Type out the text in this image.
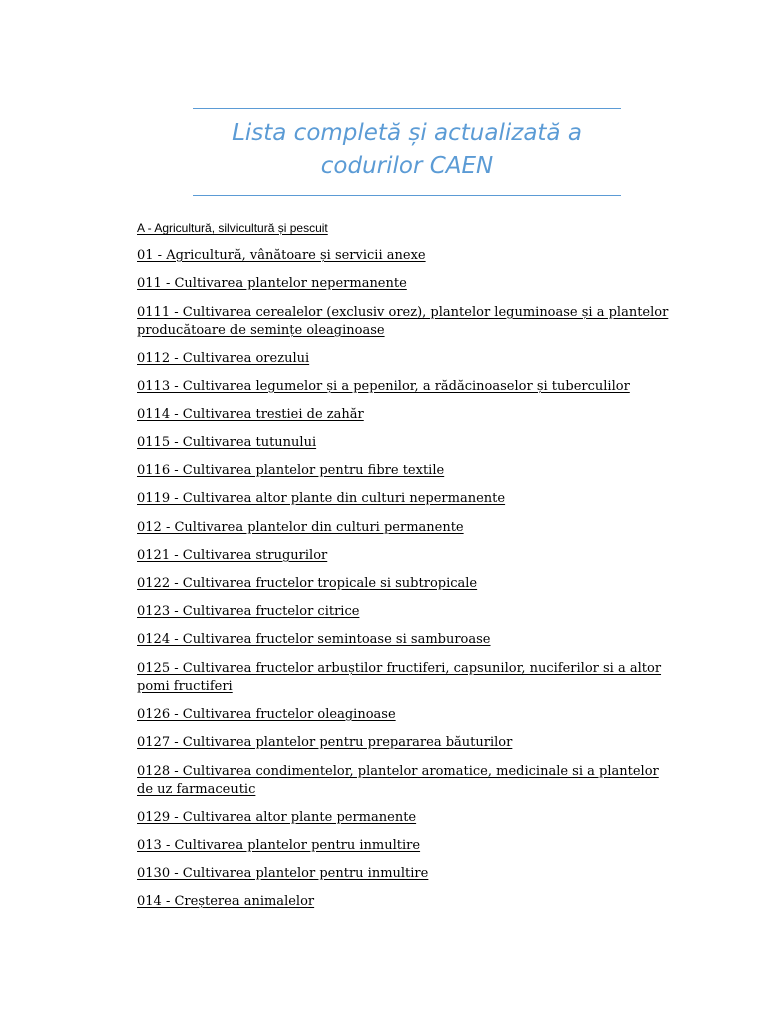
Lista completă și actualizată a
codurilor CAEN
A - Agricultură, silvicultură și pescuit
01 - Agricultură, vânătoare și servicii anexe
011 - Cultivarea plantelor nepermanente
0111 - Cultivarea cerealelor (exclusiv orez), plantelor leguminoase și a plantelor producătoare de semințe oleaginoase
0112 - Cultivarea orezului
0113 - Cultivarea legumelor și a pepenilor, a rădăcinoaselor și tuberculilor
0114 - Cultivarea trestiei de zahăr
0115 - Cultivarea tutunului
0116 - Cultivarea plantelor pentru fibre textile
0119 - Cultivarea altor plante din culturi nepermanente
012 - Cultivarea plantelor din culturi permanente
0121 - Cultivarea strugurilor
0122 - Cultivarea fructelor tropicale si subtropicale
0123 - Cultivarea fructelor citrice
0124 - Cultivarea fructelor semintoase si samburoase
0125 - Cultivarea fructelor arbuștilor fructiferi, capsunilor, nuciferilor si a altor pomi fructiferi
0126 - Cultivarea fructelor oleaginoase
0127 - Cultivarea plantelor pentru prepararea băuturilor
0128 - Cultivarea condimentelor, plantelor aromatice, medicinale si a plantelor de uz farmaceutic
0129 - Cultivarea altor plante permanente
013 - Cultivarea plantelor pentru inmultire
0130 - Cultivarea plantelor pentru inmultire
014 - Creșterea animalelor
